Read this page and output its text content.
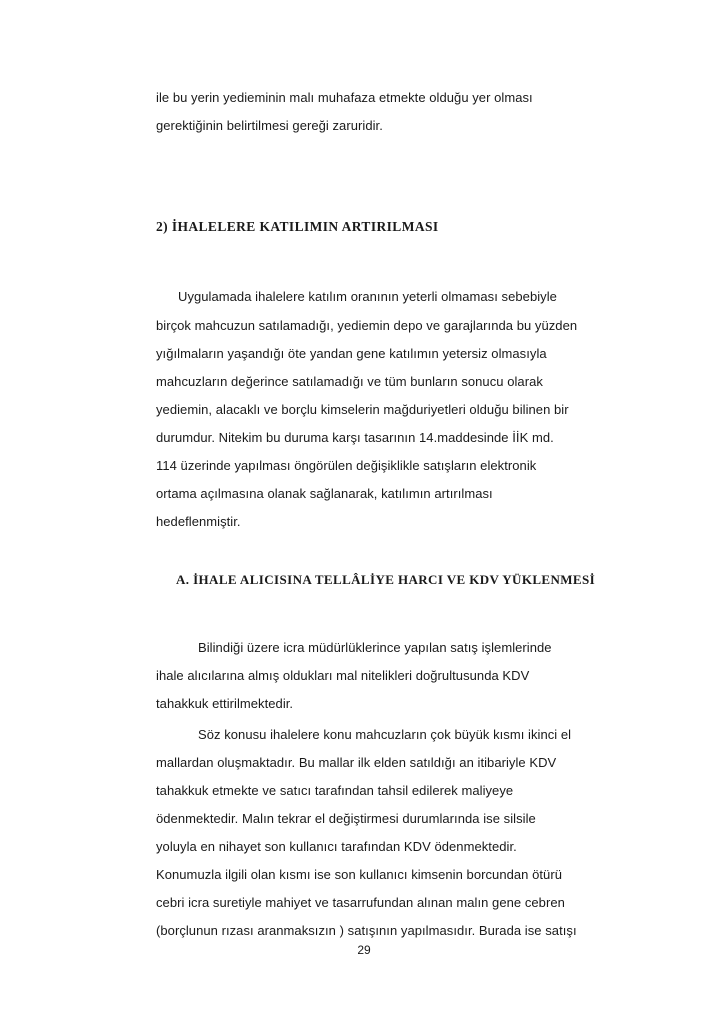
ile bu yerin yedieminin malı muhafaza etmekte olduğu yer olması
gerektiğinin belirtilmesi gereği zaruridir.
2) İHALELERE KATILIMIN ARTIRILMASI
Uygulamada ihalelere katılım oranının yeterli olmaması sebebiyle
birçok mahcuzun satılamadığı, yediemin depo ve garajlarında bu yüzden
yığılmaların yaşandığı öte yandan gene katılımın yetersiz olmasıyla
mahcuzların değerince satılamadığı ve tüm bunların sonucu olarak
yediemin, alacaklı ve borçlu kimselerin mağduriyetleri olduğu bilinen bir
durumdur. Nitekim bu duruma karşı tasarının 14.maddesinde İİK md.
114 üzerinde yapılması öngörülen değişiklikle satışların elektronik
ortama açılmasına olanak sağlanarak, katılımın artırılması
hedeflenmiştir.
A. İHALE ALICISINA TELLÂLİYE HARCI VE KDV YÜKLENMESİ
Bilindiği üzere icra müdürlüklerince yapılan satış işlemlerinde
ihale alıcılarına almış oldukları mal nitelikleri doğrultusunda KDV
tahakkuk ettirilmektedir.
Söz konusu ihalelere konu mahcuzların çok büyük kısmı ikinci el
mallardan oluşmaktadır. Bu mallar ilk elden satıldığı an itibariyle KDV
tahakkuk etmekte ve satıcı tarafından tahsil edilerek maliyeye
ödenmektedir. Malın tekrar el değiştirmesi durumlarında ise silsile
yoluyla en nihayet son kullanıcı tarafından KDV ödenmektedir.
Konumuzla ilgili olan kısmı ise son kullanıcı kimsenin borcundan ötürü
cebri icra suretiyle mahiyet ve tasarrufundan alınan malın gene cebren
(borçlunun rızası aranmaksızın ) satışının yapılmasıdır. Burada ise satışı
29
